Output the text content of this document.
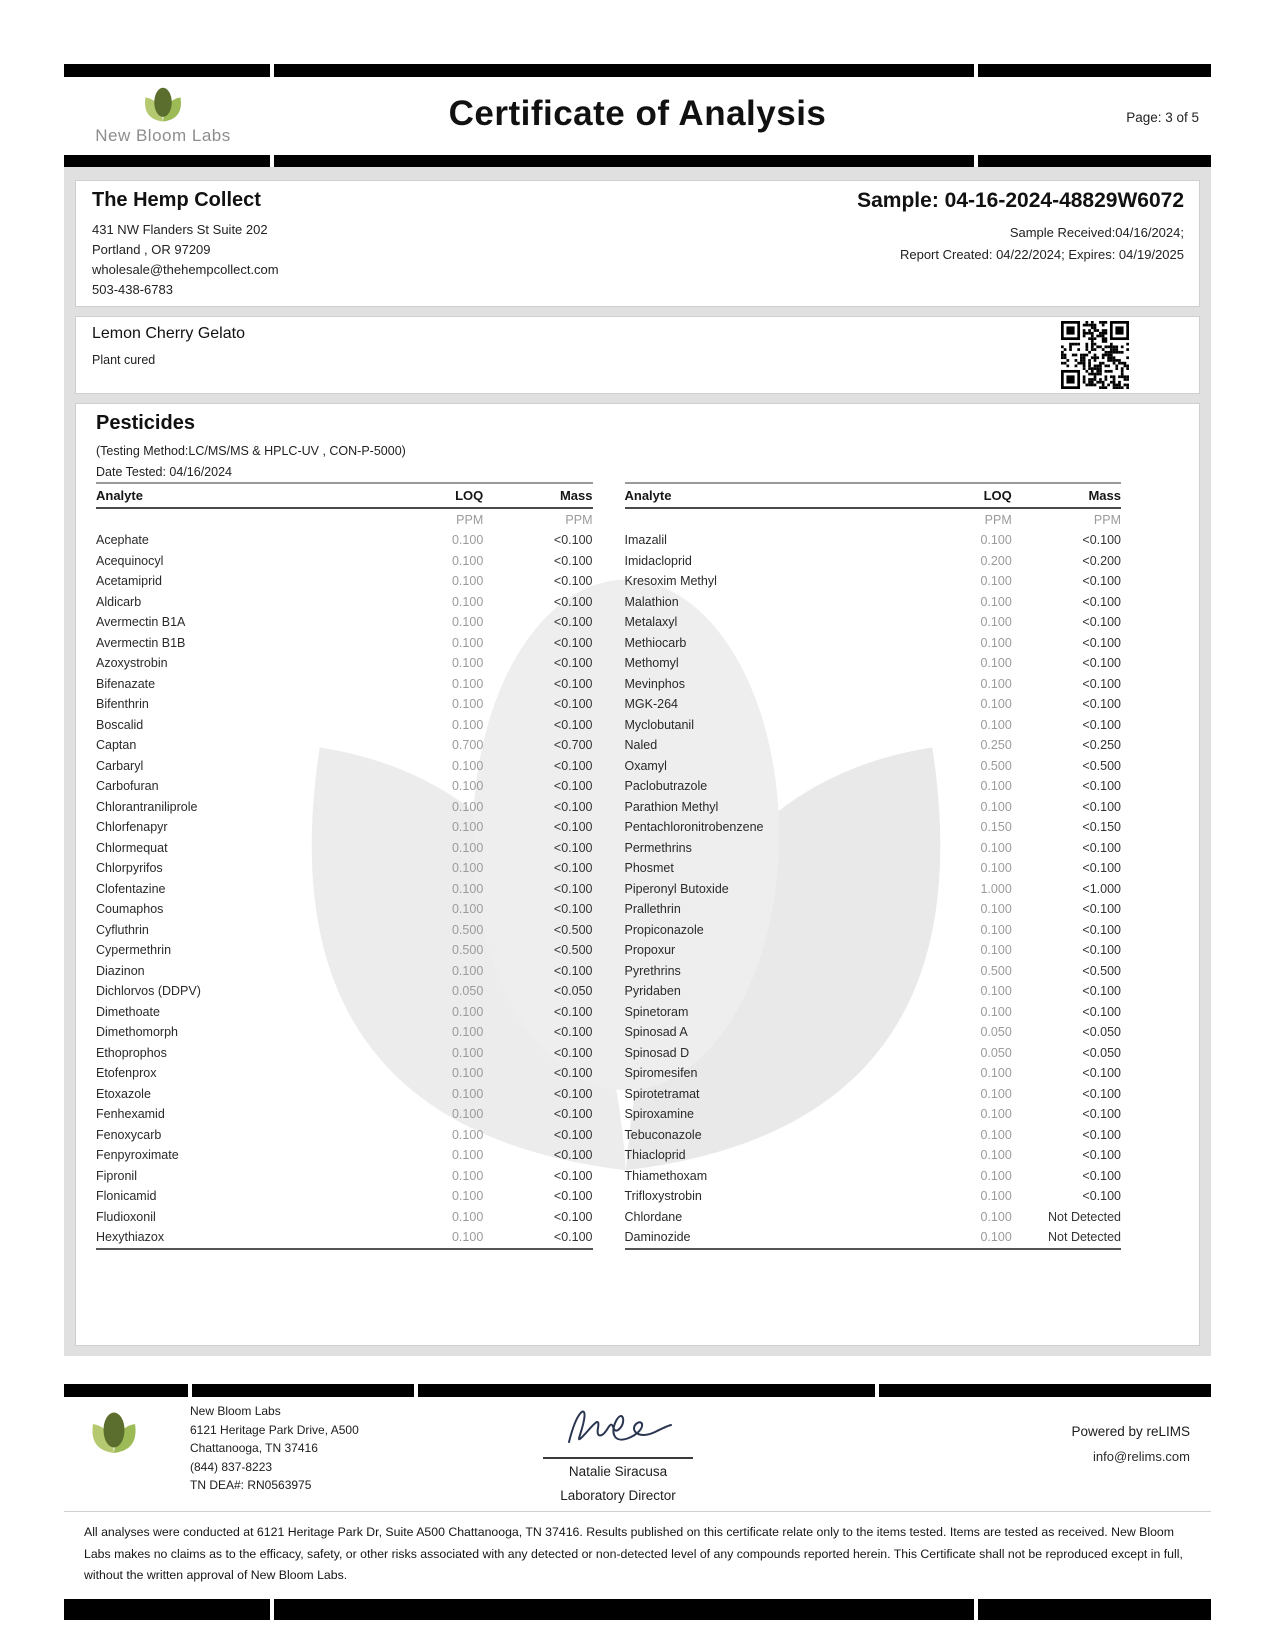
New Bloom Labs
Certificate of Analysis	Page: 3 of 5
The Hemp Collect
431 NW Flanders St Suite 202
Portland , OR 97209
wholesale@thehempcollect.com
503-438-6783
Sample: 04-16-2024-48829W6072
Sample Received:04/16/2024;
Report Created: 04/22/2024; Expires: 04/19/2025
Lemon Cherry Gelato
Plant cured
Pesticides
(Testing Method:LC/MS/MS & HPLC-UV , CON-P-5000)
Date Tested: 04/16/2024
Analyte	LOQ	Mass
	PPM	PPM
Acephate	0.100	<0.100
Acequinocyl	0.100	<0.100
Acetamiprid	0.100	<0.100
Aldicarb	0.100	<0.100
Avermectin B1A	0.100	<0.100
Avermectin B1B	0.100	<0.100
Azoxystrobin	0.100	<0.100
Bifenazate	0.100	<0.100
Bifenthrin	0.100	<0.100
Boscalid	0.100	<0.100
Captan	0.700	<0.700
Carbaryl	0.100	<0.100
Carbofuran	0.100	<0.100
Chlorantraniliprole	0.100	<0.100
Chlorfenapyr	0.100	<0.100
Chlormequat	0.100	<0.100
Chlorpyrifos	0.100	<0.100
Clofentazine	0.100	<0.100
Coumaphos	0.100	<0.100
Cyfluthrin	0.500	<0.500
Cypermethrin	0.500	<0.500
Diazinon	0.100	<0.100
Dichlorvos (DDPV)	0.050	<0.050
Dimethoate	0.100	<0.100
Dimethomorph	0.100	<0.100
Ethoprophos	0.100	<0.100
Etofenprox	0.100	<0.100
Etoxazole	0.100	<0.100
Fenhexamid	0.100	<0.100
Fenoxycarb	0.100	<0.100
Fenpyroximate	0.100	<0.100
Fipronil	0.100	<0.100
Flonicamid	0.100	<0.100
Fludioxonil	0.100	<0.100
Hexythiazox	0.100	<0.100
Analyte	LOQ	Mass
	PPM	PPM
Imazalil	0.100	<0.100
Imidacloprid	0.200	<0.200
Kresoxim Methyl	0.100	<0.100
Malathion	0.100	<0.100
Metalaxyl	0.100	<0.100
Methiocarb	0.100	<0.100
Methomyl	0.100	<0.100
Mevinphos	0.100	<0.100
MGK-264	0.100	<0.100
Myclobutanil	0.100	<0.100
Naled	0.250	<0.250
Oxamyl	0.500	<0.500
Paclobutrazole	0.100	<0.100
Parathion Methyl	0.100	<0.100
Pentachloronitrobenzene	0.150	<0.150
Permethrins	0.100	<0.100
Phosmet	0.100	<0.100
Piperonyl Butoxide	1.000	<1.000
Prallethrin	0.100	<0.100
Propiconazole	0.100	<0.100
Propoxur	0.100	<0.100
Pyrethrins	0.500	<0.500
Pyridaben	0.100	<0.100
Spinetoram	0.100	<0.100
Spinosad A	0.050	<0.050
Spinosad D	0.050	<0.050
Spiromesifen	0.100	<0.100
Spirotetramat	0.100	<0.100
Spiroxamine	0.100	<0.100
Tebuconazole	0.100	<0.100
Thiacloprid	0.100	<0.100
Thiamethoxam	0.100	<0.100
Trifloxystrobin	0.100	<0.100
Chlordane	0.100	Not Detected
Daminozide	0.100	Not Detected
New Bloom Labs
6121 Heritage Park Drive, A500
Chattanooga, TN 37416
(844) 837-8223
TN DEA#: RN0563975
Natalie Siracusa
Laboratory Director
Powered by reLIMS
info@relims.com
All analyses were conducted at 6121 Heritage Park Dr, Suite A500 Chattanooga, TN 37416. Results published on this certificate relate only to the items tested. Items are tested as received. New Bloom Labs makes no claims as to the efficacy, safety, or other risks associated with any detected or non-detected level of any compounds reported herein. This Certificate shall not be reproduced except in full, without the written approval of New Bloom Labs.
